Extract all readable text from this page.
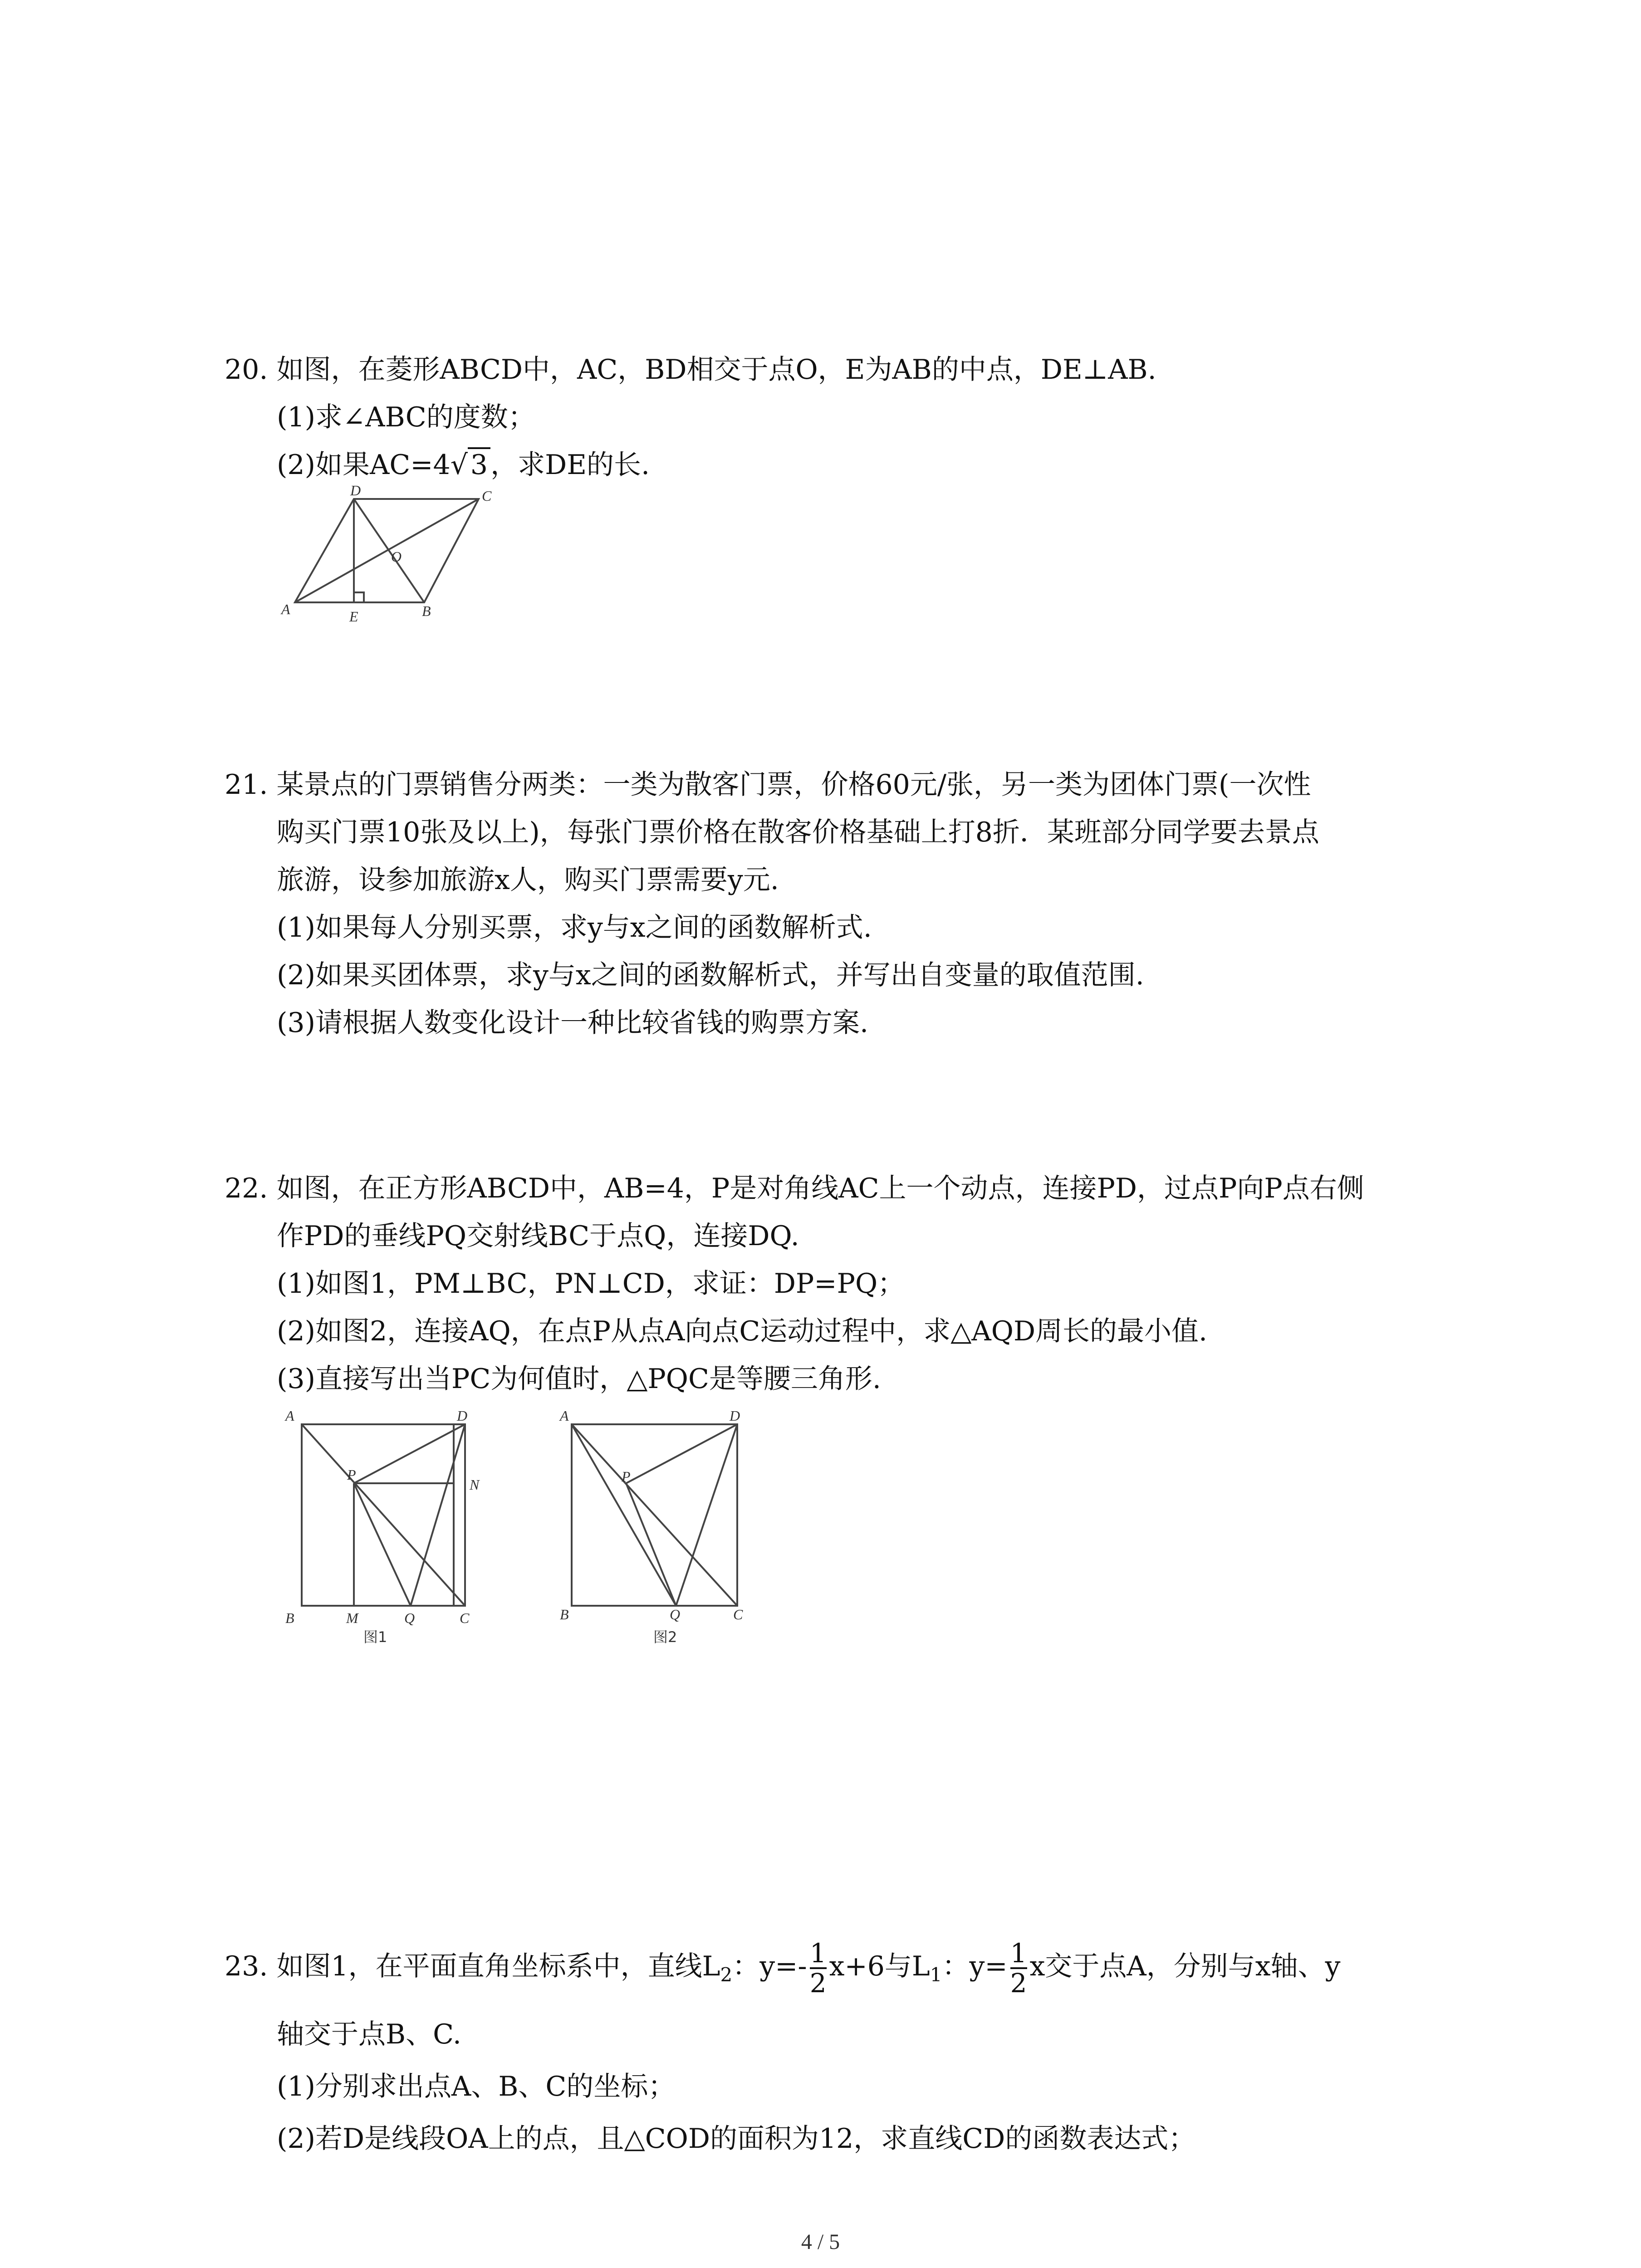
20. 如图，在菱形ABCD中，AC，BD相交于点O，E为AB的中点，DE⊥AB.
(1)求∠ABC的度数；
(2)如果AC=4√ 3 ，求DE的长.
D	C
O
A	E	B
21. 某景点的门票销售分两类：一类为散客门票，价格60元/张，另一类为团体门票(一次性
购买门票10张及以上)，每张门票价格在散客价格基础上打8折．某班部分同学要去景点
旅游，设参加旅游x人，购买门票需要y元.
(1)如果每人分别买票，求y与x之间的函数解析式.
(2)如果买团体票，求y与x之间的函数解析式，并写出自变量的取值范围.
(3)请根据人数变化设计一种比较省钱的购票方案.
22. 如图，在正方形ABCD中，AB=4，P是对角线AC上一个动点，连接PD，过点P向P点右侧
作PD的垂线PQ交射线BC于点Q，连接DQ.
(1)如图1，PM⊥BC，PN⊥CD，求证：DP=PQ；
(2)如图2，连接AQ，在点P从点A向点C运动过程中，求△AQD周长的最小值.
(3)直接写出当PC为何值时，△PQC是等腰三角形.
A	D
P
N
B	M	Q	C
图1
A	D
P
B	Q	C
图2
23. 如图1，在平面直角坐标系中，直线$L_2$：$y=- \frac{1}{2} x+6$与$L_1$：$y= \frac{1}{2}$ x交于点A，分别与x轴、y
轴交于点B、C.
(1)分别求出点A、B、C的坐标；
(2)若D是线段OA上的点，且△COD的面积为12，求直线CD的函数表达式；
4 / 5
